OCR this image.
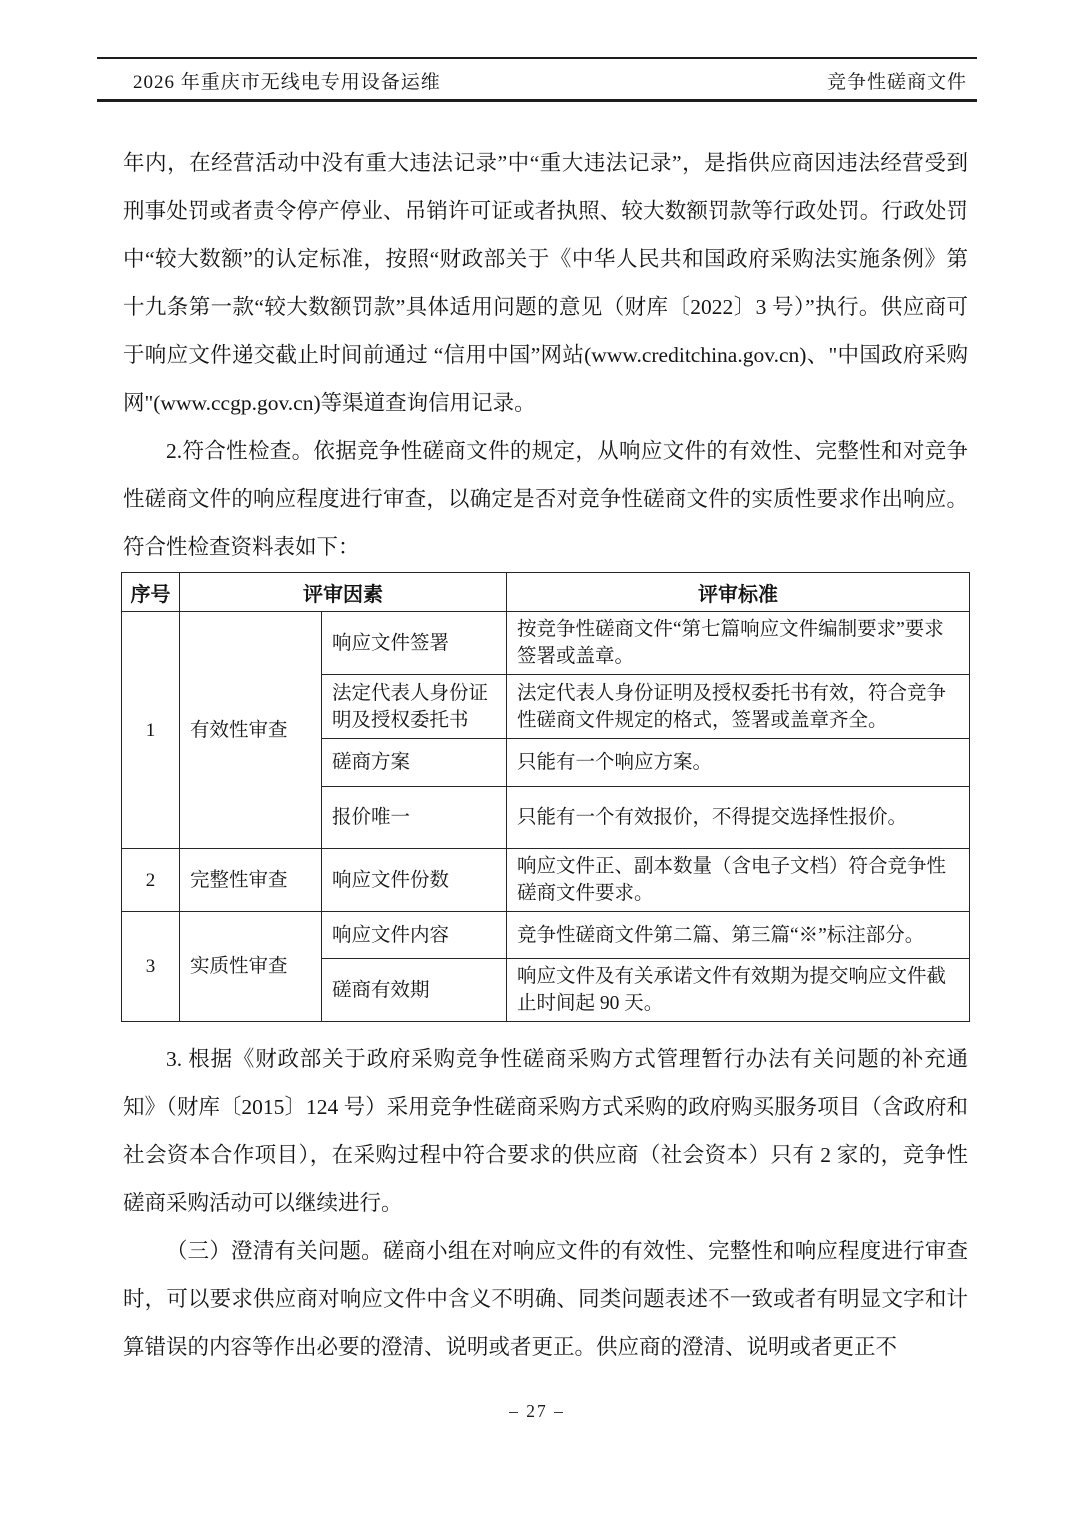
2026 年重庆市无线电专用设备运维	竞争性磋商文件

年内，在经营活动中没有重大违法记录”中“重大违法记录”，是指供应商因违法经营受到刑事处罚或者责令停产停业、吊销许可证或者执照、较大数额罚款等行政处罚。行政处罚中“较大数额”的认定标准，按照“财政部关于《中华人民共和国政府采购法实施条例》第十九条第一款“较大数额罚款”具体适用问题的意见（财库〔2022〕3 号）”执行。供应商可于响应文件递交截止时间前通过 “信用中国”网站(www.creditchina.gov.cn)、"中国政府采购网"(www.ccgp.gov.cn)等渠道查询信用记录。

2.符合性检查。依据竞争性磋商文件的规定，从响应文件的有效性、完整性和对竞争性磋商文件的响应程度进行审查，以确定是否对竞争性磋商文件的实质性要求作出响应。符合性检查资料表如下：

序号	评审因素		评审标准
1	有效性审查	响应文件签署	按竞争性磋商文件“第七篇响应文件编制要求”要求签署或盖章。
		法定代表人身份证明及授权委托书	法定代表人身份证明及授权委托书有效，符合竞争性磋商文件规定的格式，签署或盖章齐全。
		磋商方案	只能有一个响应方案。
		报价唯一	只能有一个有效报价，不得提交选择性报价。
2	完整性审查	响应文件份数	响应文件正、副本数量（含电子文档）符合竞争性磋商文件要求。
3	实质性审查	响应文件内容	竞争性磋商文件第二篇、第三篇“※”标注部分。
		磋商有效期	响应文件及有关承诺文件有效期为提交响应文件截止时间起 90 天。

3. 根据《财政部关于政府采购竞争性磋商采购方式管理暂行办法有关问题的补充通知》（财库〔2015〕124 号）采用竞争性磋商采购方式采购的政府购买服务项目（含政府和社会资本合作项目），在采购过程中符合要求的供应商（社会资本）只有 2 家的，竞争性磋商采购活动可以继续进行。

（三）澄清有关问题。磋商小组在对响应文件的有效性、完整性和响应程度进行审查时，可以要求供应商对响应文件中含义不明确、同类问题表述不一致或者有明显文字和计算错误的内容等作出必要的澄清、说明或者更正。供应商的澄清、说明或者更正不

– 27 –
